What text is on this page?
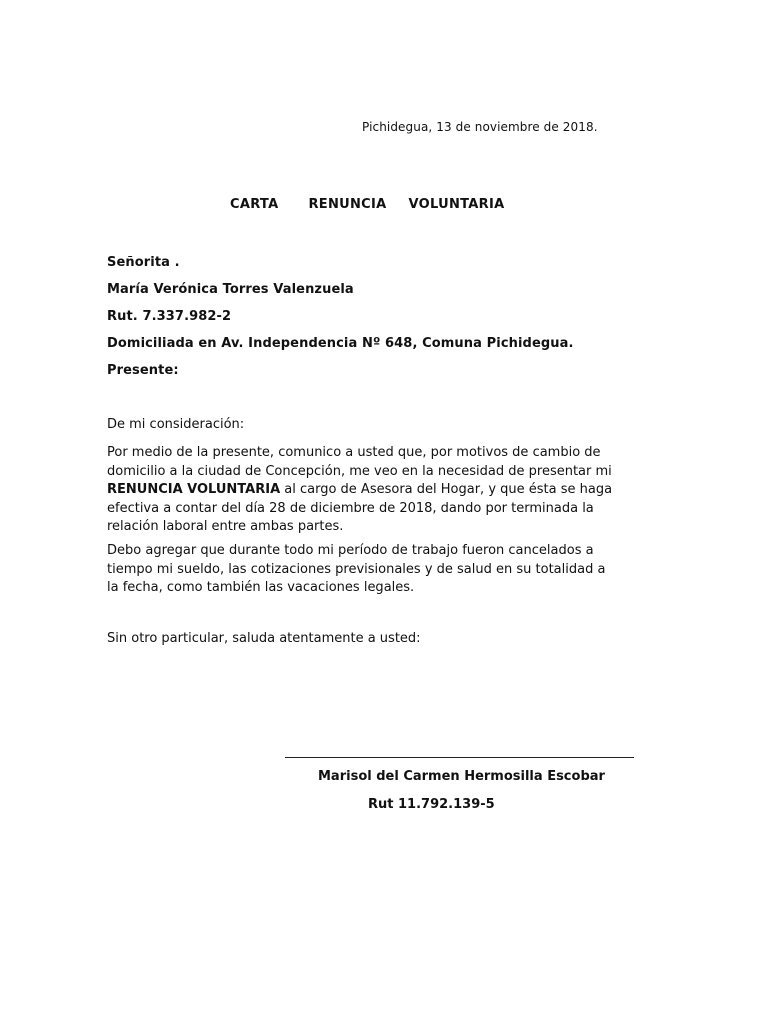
Pichidegua, 13 de noviembre de 2018.
CARTA RENUNCIA VOLUNTARIA
Señorita .
María Verónica Torres Valenzuela
Rut. 7.337.982-2
Domiciliada en Av. Independencia Nº 648, Comuna Pichidegua.
Presente:
De mi consideración:
Por medio de la presente, comunico a usted que, por motivos de cambio de
domicilio a la ciudad de Concepción, me veo en la necesidad de presentar mi
RENUNCIA VOLUNTARIA al cargo de Asesora del Hogar, y que ésta se haga
efectiva a contar del día 28 de diciembre de 2018, dando por terminada la
relación laboral entre ambas partes.
Debo agregar que durante todo mi período de trabajo fueron cancelados a
tiempo mi sueldo, las cotizaciones previsionales y de salud en su totalidad a
la fecha, como también las vacaciones legales.
Sin otro particular, saluda atentamente a usted:
Marisol del Carmen Hermosilla Escobar
Rut 11.792.139-5
